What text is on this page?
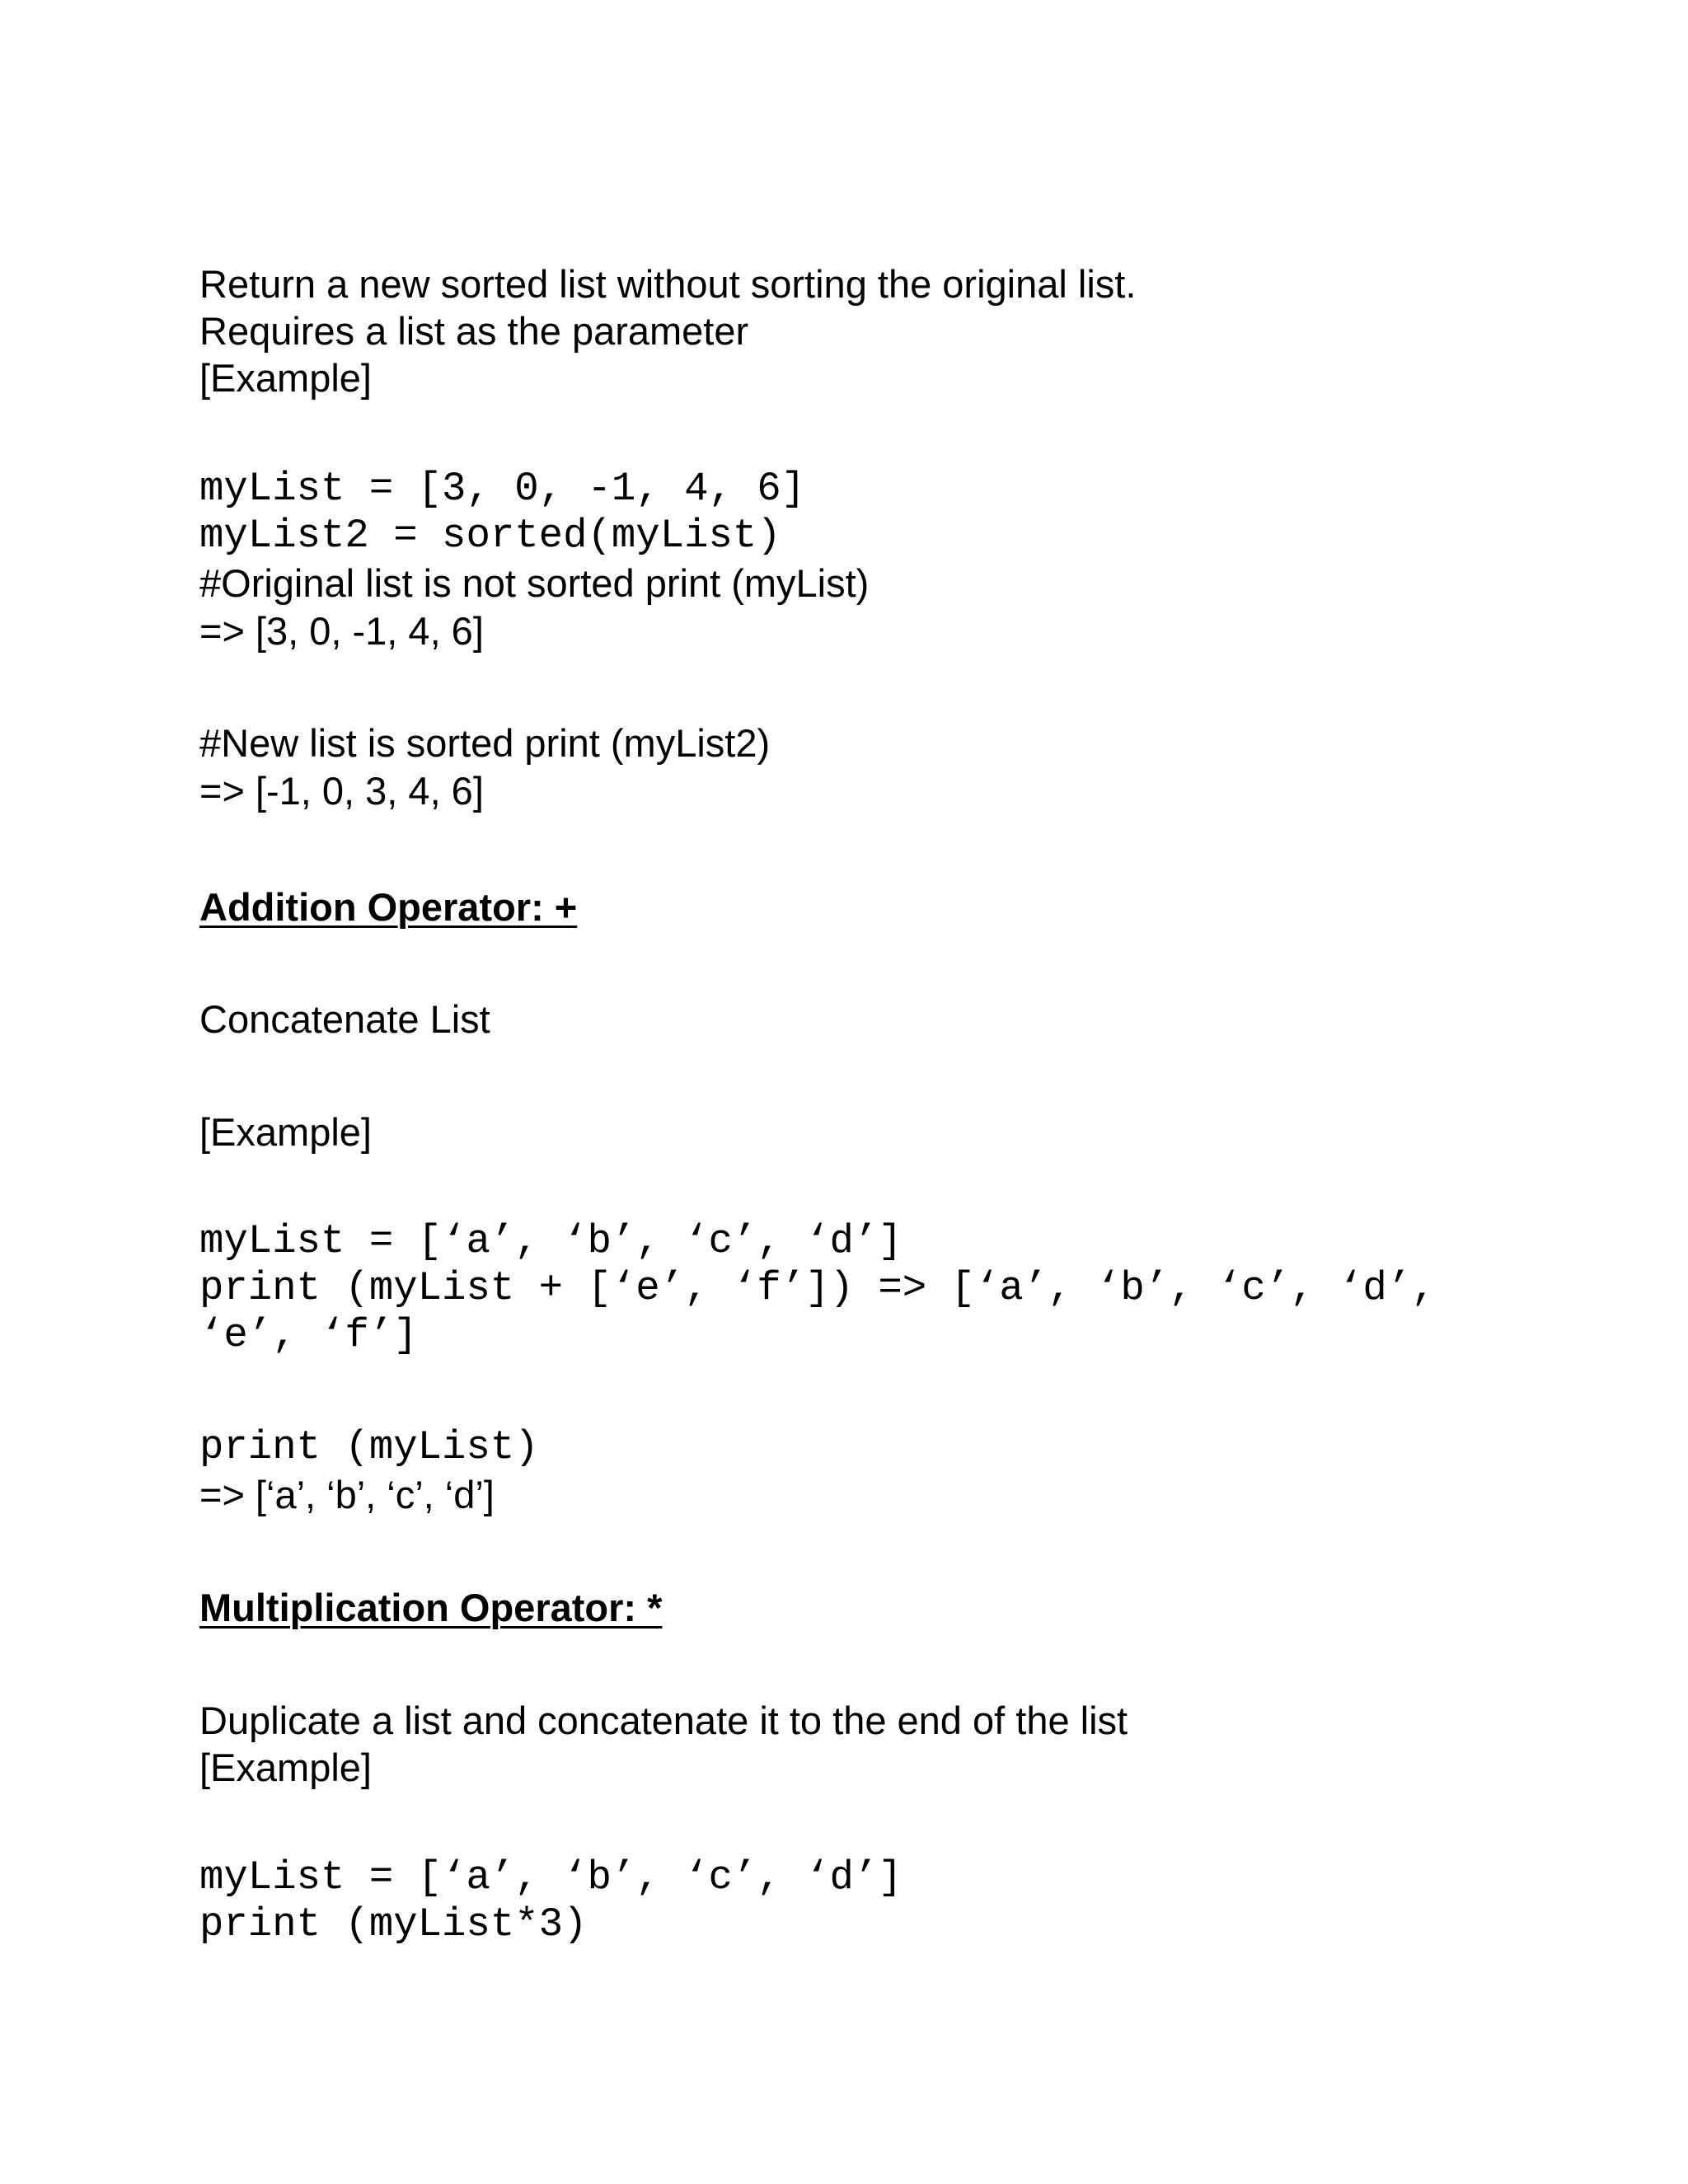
Return a new sorted list without sorting the original list.
Requires a list as the parameter
[Example]
myList = [3, 0, -1, 4, 6]
myList2 = sorted(myList)
#Original list is not sorted print (myList)
=> [3, 0, -1, 4, 6]
#New list is sorted print (myList2)
=> [-1, 0, 3, 4, 6]
Addition Operator: +
Concatenate List
[Example]
myList = [‘a’, ‘b’, ‘c’, ‘d’]
print (myList + [‘e’, ‘f’]) => [‘a’, ‘b’, ‘c’, ‘d’,
‘e’, ‘f’]
print (myList)
=> [‘a’, ‘b’, ‘c’, ‘d’]
Multiplication Operator: *
Duplicate a list and concatenate it to the end of the list
[Example]
myList = [‘a’, ‘b’, ‘c’, ‘d’]
print (myList*3)
